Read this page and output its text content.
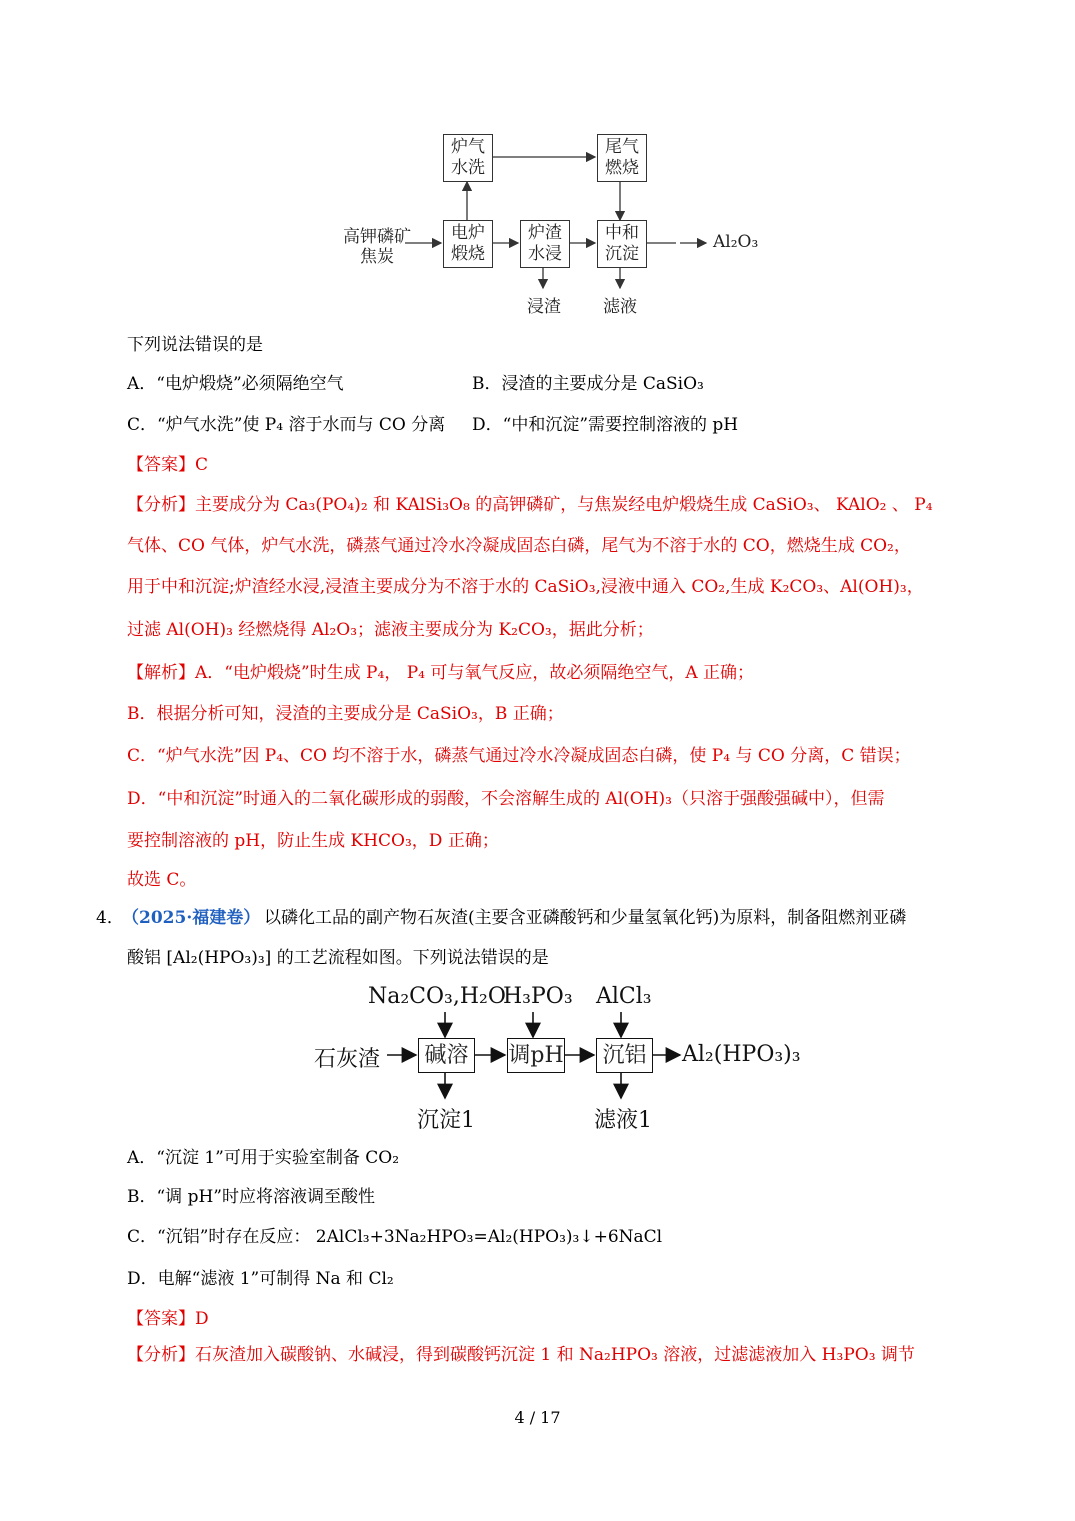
炉气
水洗
尾气
燃烧
电炉
煅烧
炉渣
水浸
中和
沉淀
高钾磷矿
焦炭
Al₂O₃
浸渣 滤液
下列说法错误的是
A．“电炉煅烧”必须隔绝空气	B．浸渣的主要成分是 CaSiO₃
C．“炉气水洗”使 P₄ 溶于水而与 CO 分离 D．“中和沉淀”需要控制溶液的 pH
【答案】C
【分析】主要成分为 Ca₃(PO₄)₂ 和 KAlSi₃O₈ 的高钾磷矿，与焦炭经电炉煅烧生成 CaSiO₃、 KAlO₂ 、 P₄
气体、CO 气体，炉气水洗，磷蒸气通过冷水冷凝成固态白磷，尾气为不溶于水的 CO，燃烧生成 CO₂，
用于中和沉淀;炉渣经水浸,浸渣主要成分为不溶于水的 CaSiO₃,浸液中通入 CO₂,生成 K₂CO₃、Al(OH)₃，
过滤 Al(OH)₃ 经燃烧得 Al₂O₃；滤液主要成分为 K₂CO₃，据此分析；
【解析】A．“电炉煅烧”时生成 P₄， P₄ 可与氧气反应，故必须隔绝空气，A 正确；
B．根据分析可知，浸渣的主要成分是 CaSiO₃，B 正确；
C．“炉气水洗”因 P₄、CO 均不溶于水，磷蒸气通过冷水冷凝成固态白磷，使 P₄ 与 CO 分离，C 错误；
D．“中和沉淀”时通入的二氧化碳形成的弱酸，不会溶解生成的 Al(OH)₃（只溶于强酸强碱中），但需
要控制溶液的 pH，防止生成 KHCO₃，D 正确；
故选 C。
4．
（2025·福建卷） 以磷化工品的副产物石灰渣(主要含亚磷酸钙和少量氢氧化钙)为原料，制备阻燃剂亚磷
酸铝 [Al₂(HPO₃)₃] 的工艺流程如图。下列说法错误的是
Na₂CO₃,H₂O
H₃PO₃ AlCl₃
石灰渣 碱溶 调pH 沉铝 Al₂(HPO₃)₃
沉淀1	滤液1
A．“沉淀 1”可用于实验室制备 CO₂
B．“调 pH”时应将溶液调至酸性
C．“沉铝”时存在反应： 2AlCl₃+3Na₂HPO₃=Al₂(HPO₃)₃↓+6NaCl
D．电解“滤液 1”可制得 Na 和 Cl₂
【答案】D
【分析】石灰渣加入碳酸钠、水碱浸，得到碳酸钙沉淀 1 和 Na₂HPO₃ 溶液，过滤滤液加入 H₃PO₃ 调节
4 / 17
